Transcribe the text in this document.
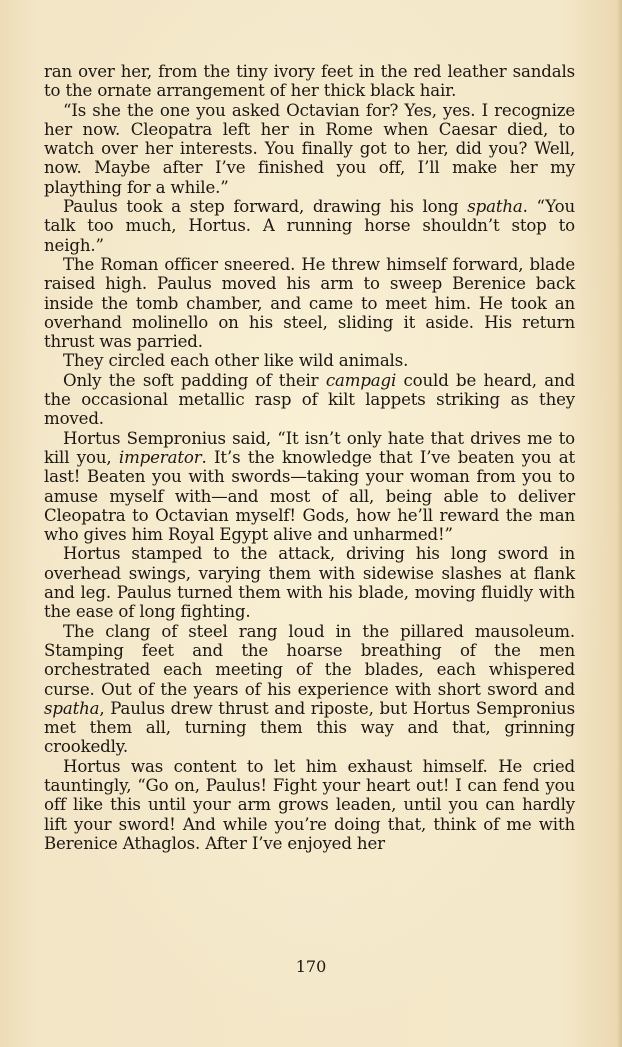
ran over her, from the tiny ivory feet in the red leather sandals to the ornate arrangement of her thick black hair.

“Is she the one you asked Octavian for? Yes, yes. I recognize her now. Cleopatra left her in Rome when Caesar died, to watch over her interests. You finally got to her, did you? Well, now. Maybe after I’ve finished you off, I’ll make her my plaything for a while.”

Paulus took a step forward, drawing his long spatha. “You talk too much, Hortus. A running horse shouldn’t stop to neigh.”

The Roman officer sneered. He threw himself forward, blade raised high. Paulus moved his arm to sweep Berenice back inside the tomb chamber, and came to meet him. He took an overhand molinello on his steel, sliding it aside. His return thrust was parried.

They circled each other like wild animals.

Only the soft padding of their campagi could be heard, and the occasional metallic rasp of kilt lappets striking as they moved.

Hortus Sempronius said, “It isn’t only hate that drives me to kill you, imperator. It’s the knowledge that I’ve beaten you at last! Beaten you with swords—taking your woman from you to amuse myself with—and most of all, being able to deliver Cleopatra to Octavian myself! Gods, how he’ll reward the man who gives him Royal Egypt alive and unharmed!”

Hortus stamped to the attack, driving his long sword in overhead swings, varying them with sidewise slashes at flank and leg. Paulus turned them with his blade, moving fluidly with the ease of long fighting.

The clang of steel rang loud in the pillared mausoleum. Stamping feet and the hoarse breathing of the men orchestrated each meeting of the blades, each whispered curse. Out of the years of his experience with short sword and spatha, Paulus drew thrust and riposte, but Hortus Sempronius met them all, turning them this way and that, grinning crookedly.

Hortus was content to let him exhaust himself. He cried tauntingly, “Go on, Paulus! Fight your heart out! I can fend you off like this until your arm grows leaden, until you can hardly lift your sword! And while you’re doing that, think of me with Berenice Athaglos. After I’ve enjoyed her

170
